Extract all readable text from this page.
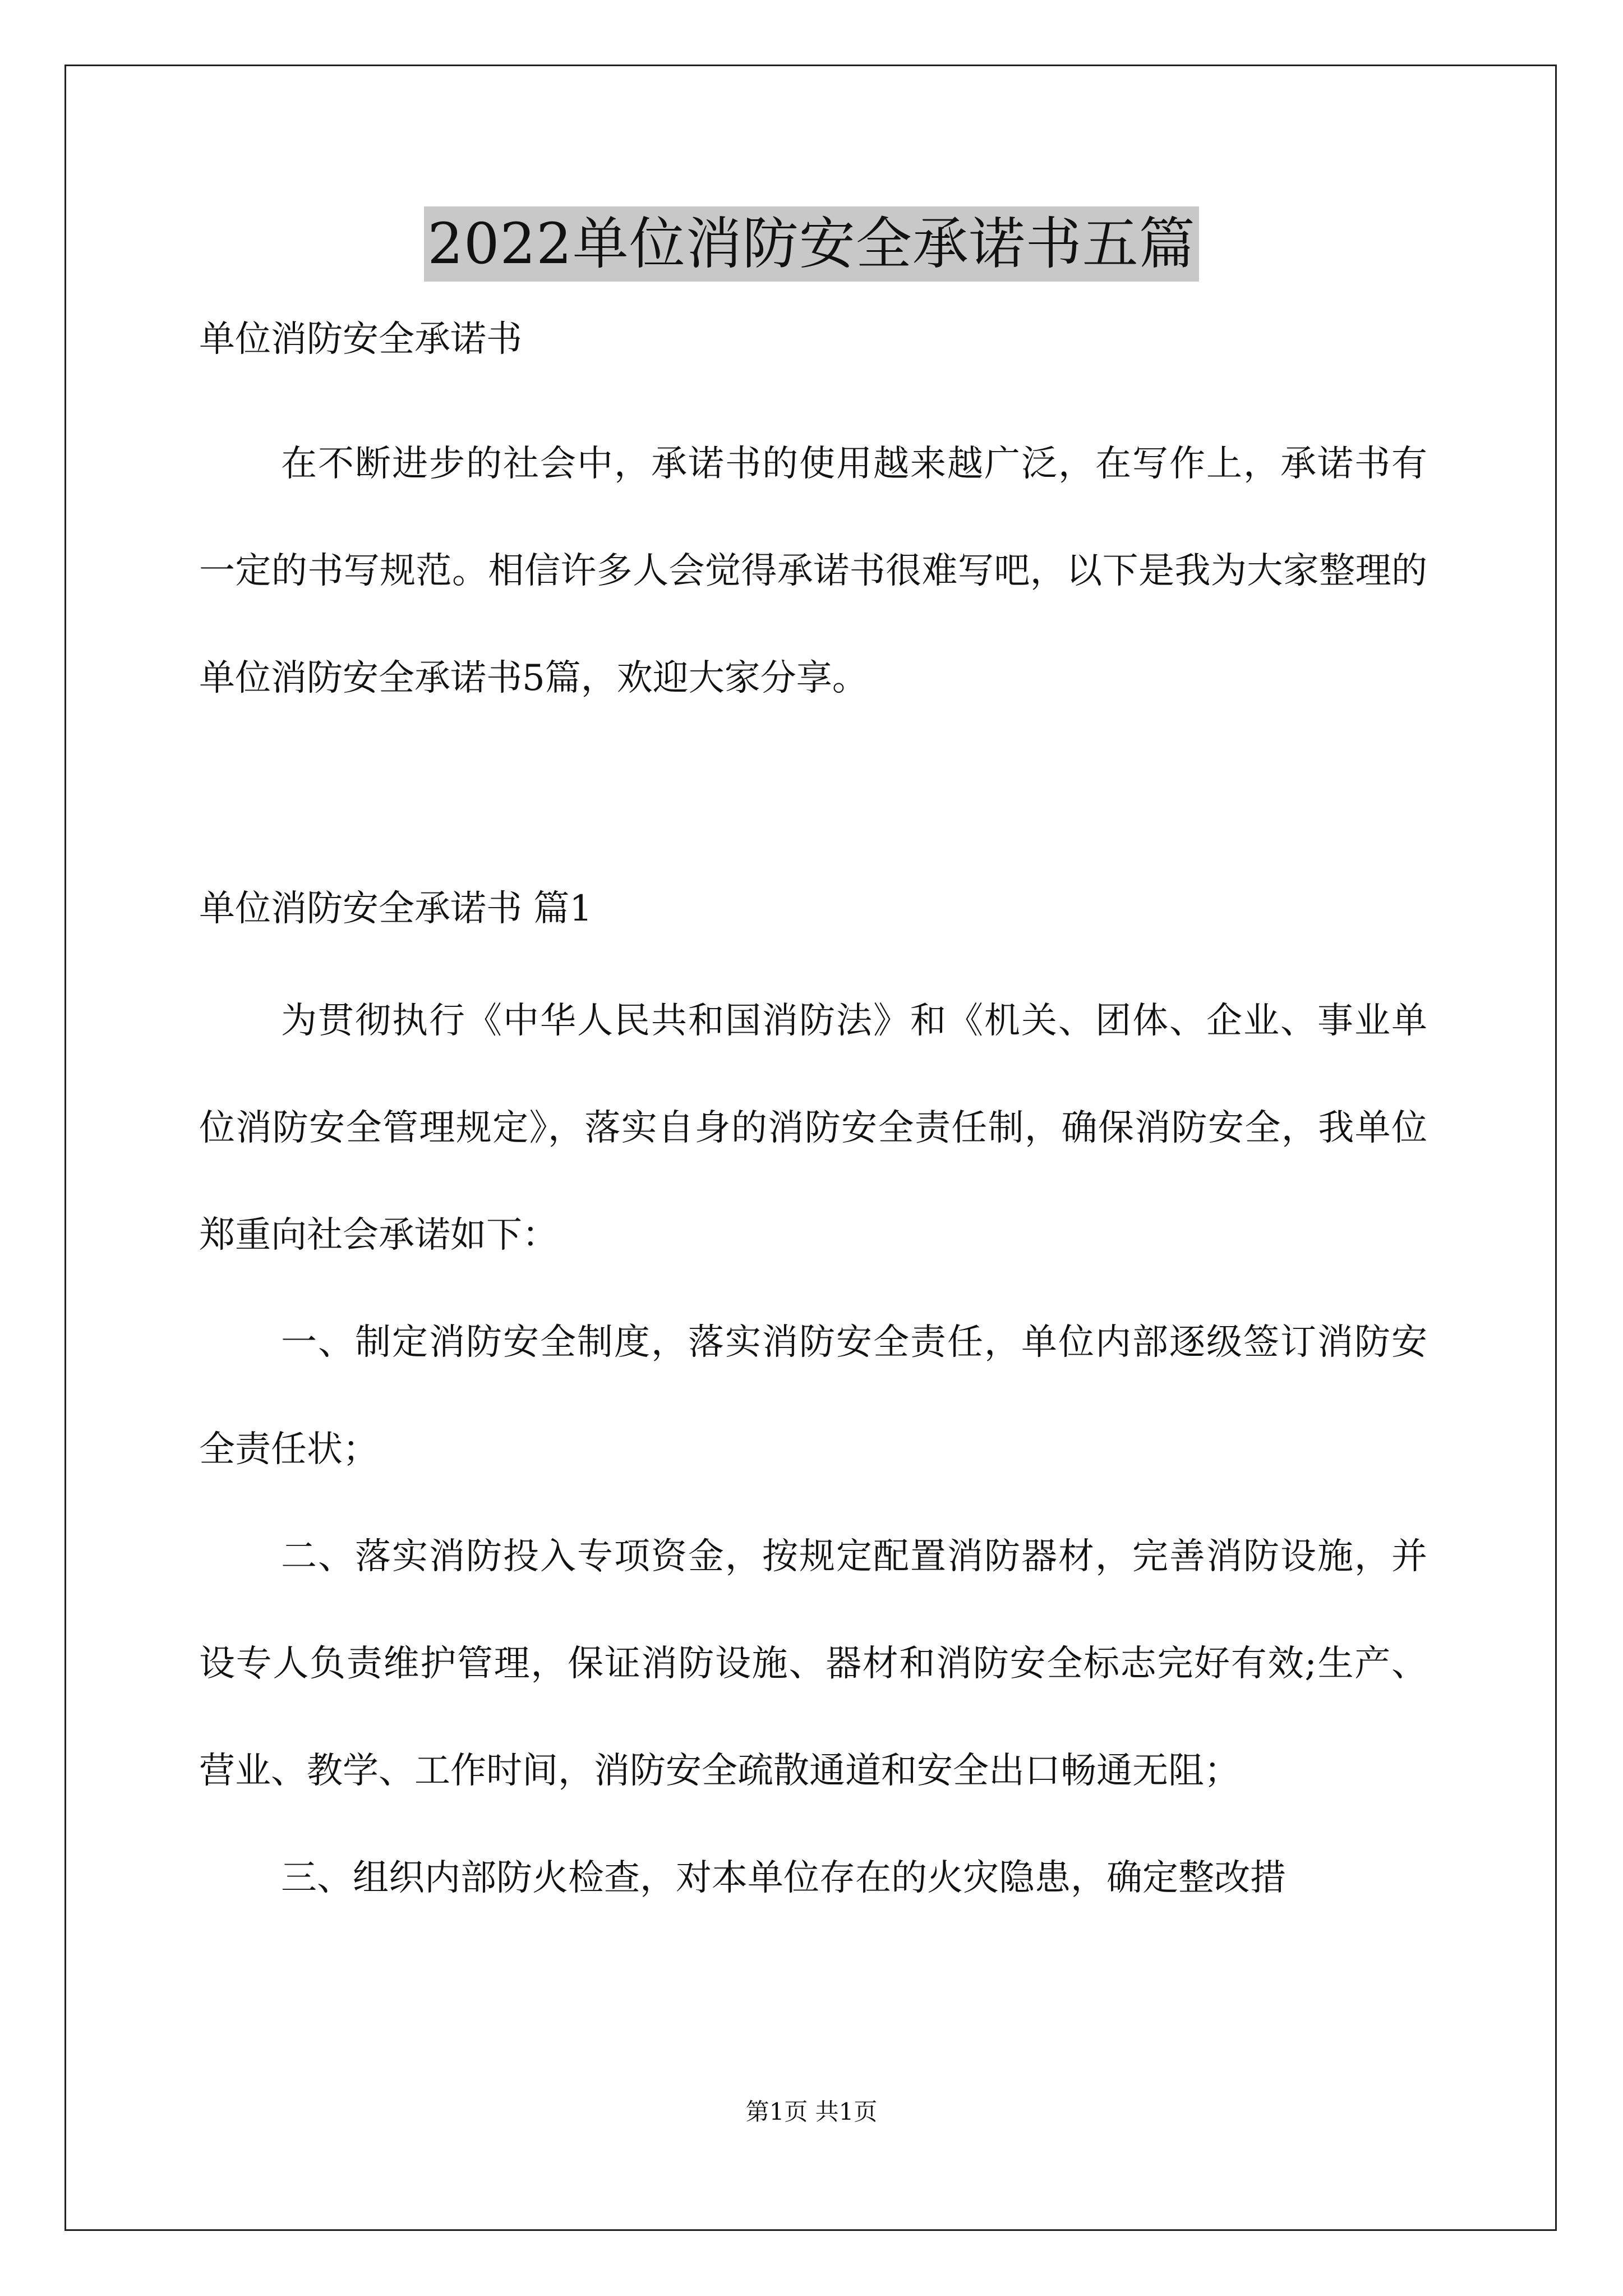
2022单位消防安全承诺书五篇

单位消防安全承诺书

在不断进步的社会中，承诺书的使用越来越广泛，在写作上，承诺书有一定的书写规范。相信许多人会觉得承诺书很难写吧，以下是我为大家整理的单位消防安全承诺书5篇，欢迎大家分享。

单位消防安全承诺书 篇1

为贯彻执行《中华人民共和国消防法》和《机关、团体、企业、事业单位消防安全管理规定》，落实自身的消防安全责任制，确保消防安全，我单位郑重向社会承诺如下：

一、制定消防安全制度，落实消防安全责任，单位内部逐级签订消防安全责任状；

二、落实消防投入专项资金，按规定配置消防器材，完善消防设施，并设专人负责维护管理，保证消防设施、器材和消防安全标志完好有效;生产、营业、教学、工作时间，消防安全疏散通道和安全出口畅通无阻；

三、组织内部防火检查，对本单位存在的火灾隐患，确定整改措

第1页 共1页
